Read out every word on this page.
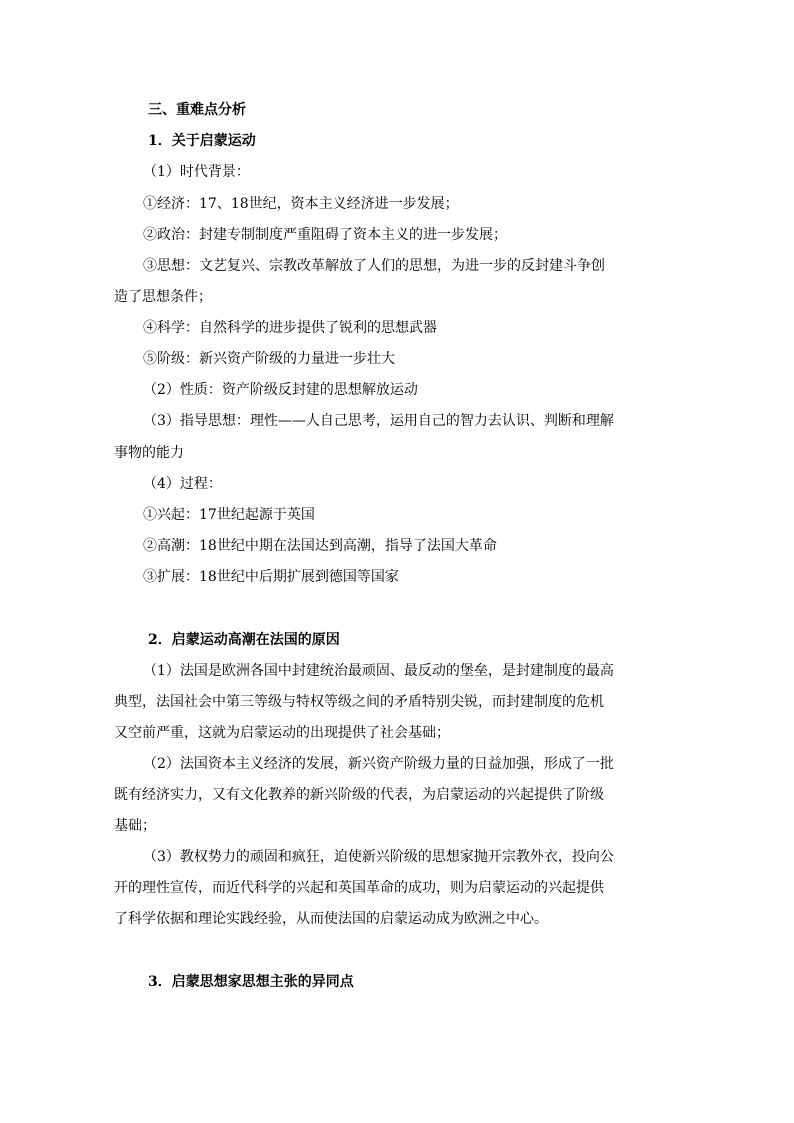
三、重难点分析
1．关于启蒙运动
（1）时代背景：
①经济：17、18世纪，资本主义经济进一步发展；
②政治：封建专制制度严重阻碍了资本主义的进一步发展；
③思想：文艺复兴、宗教改革解放了人们的思想，为进一步的反封建斗争创
造了思想条件；
④科学：自然科学的进步提供了锐利的思想武器
⑤阶级：新兴资产阶级的力量进一步壮大
（2）性质：资产阶级反封建的思想解放运动
（3）指导思想：理性——人自己思考，运用自己的智力去认识、判断和理解
事物的能力
（4）过程：
①兴起：17世纪起源于英国
②高潮：18世纪中期在法国达到高潮，指导了法国大革命
③扩展：18世纪中后期扩展到德国等国家
2．启蒙运动高潮在法国的原因
（1）法国是欧洲各国中封建统治最顽固、最反动的堡垒，是封建制度的最高
典型，法国社会中第三等级与特权等级之间的矛盾特别尖锐，而封建制度的危机
又空前严重，这就为启蒙运动的出现提供了社会基础；
（2）法国资本主义经济的发展，新兴资产阶级力量的日益加强，形成了一批
既有经济实力，又有文化教养的新兴阶级的代表，为启蒙运动的兴起提供了阶级
基础；
（3）教权势力的顽固和疯狂，迫使新兴阶级的思想家抛开宗教外衣，投向公
开的理性宣传，而近代科学的兴起和英国革命的成功，则为启蒙运动的兴起提供
了科学依据和理论实践经验，从而使法国的启蒙运动成为欧洲之中心。
3．启蒙思想家思想主张的异同点
